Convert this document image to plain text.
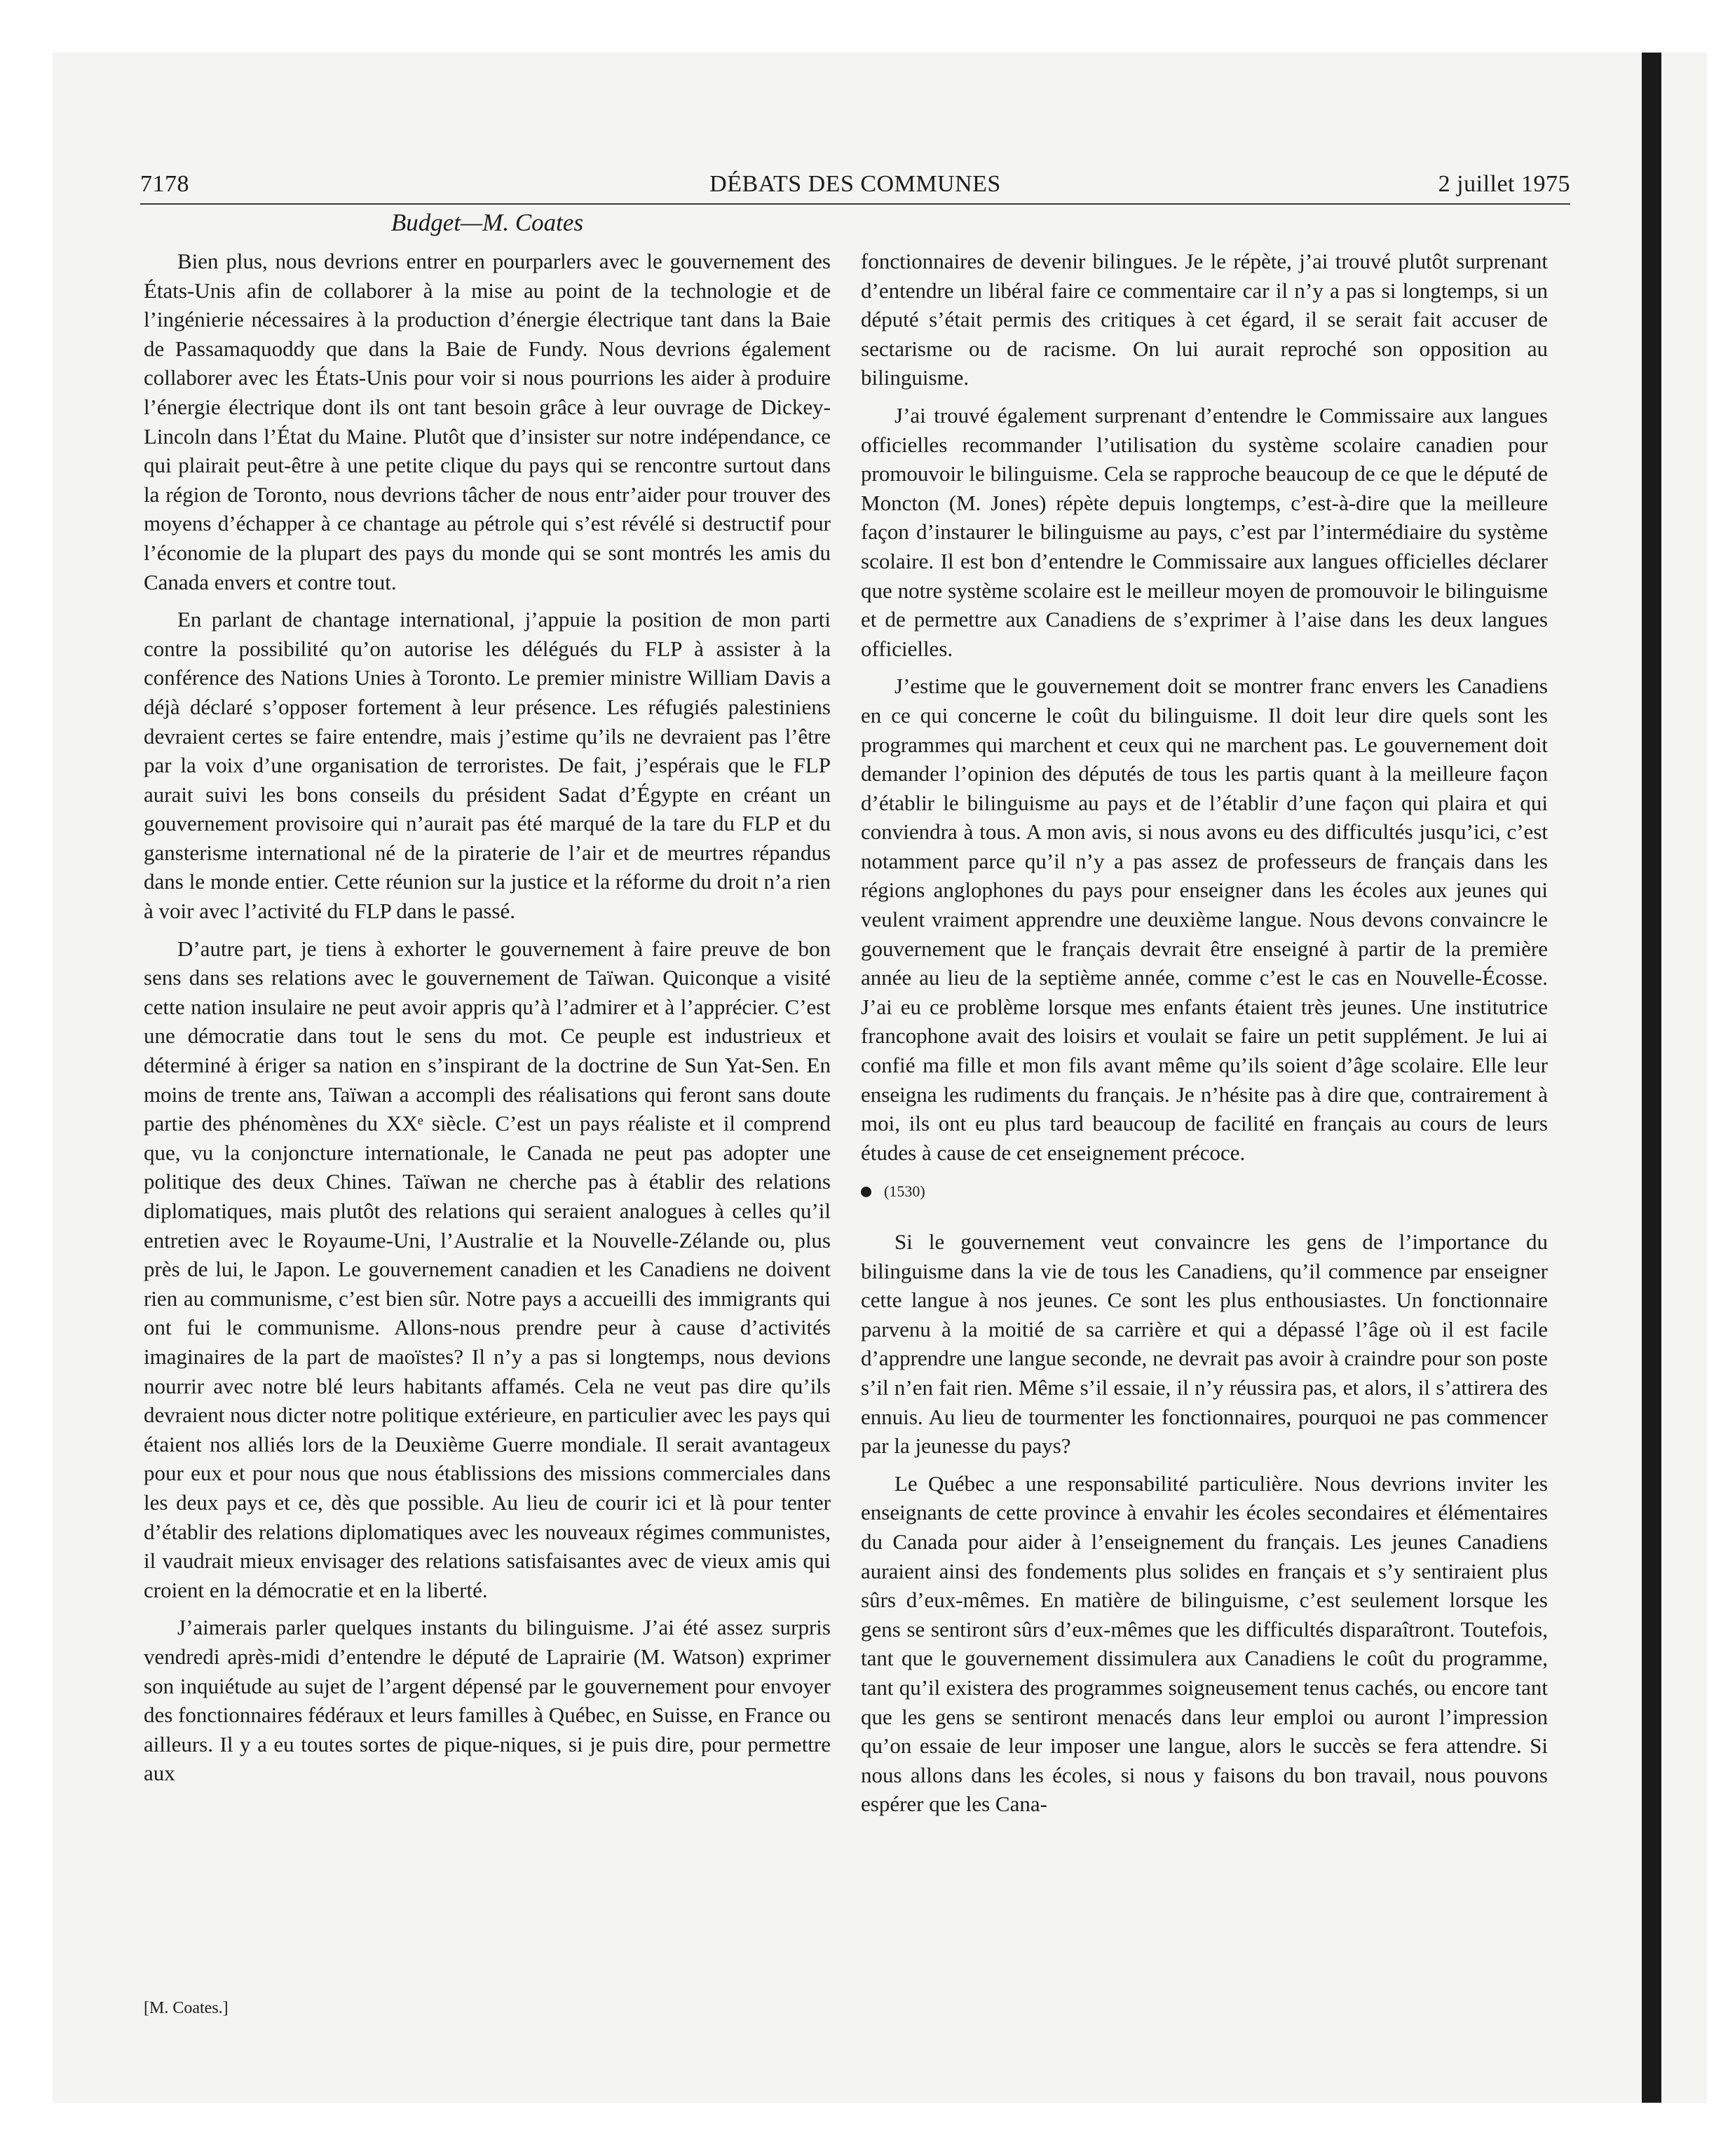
7178	DÉBATS DES COMMUNES	2 juillet 1975
Budget—M. Coates

Bien plus, nous devrions entrer en pourparlers avec le gouvernement des États-Unis afin de collaborer à la mise au point de la technologie et de l’ingénierie nécessaires à la production d’énergie électrique tant dans la Baie de Passamaquoddy que dans la Baie de Fundy. Nous devrions également collaborer avec les États-Unis pour voir si nous pourrions les aider à produire l’énergie électrique dont ils ont tant besoin grâce à leur ouvrage de Dickey-Lincoln dans l’État du Maine. Plutôt que d’insister sur notre indépendance, ce qui plairait peut-être à une petite clique du pays qui se rencontre surtout dans la région de Toronto, nous devrions tâcher de nous entr’aider pour trouver des moyens d’échapper à ce chantage au pétrole qui s’est révélé si destructif pour l’économie de la plupart des pays du monde qui se sont montrés les amis du Canada envers et contre tout.

En parlant de chantage international, j’appuie la position de mon parti contre la possibilité qu’on autorise les délégués du FLP à assister à la conférence des Nations Unies à Toronto. Le premier ministre William Davis a déjà déclaré s’opposer fortement à leur présence. Les réfugiés palestiniens devraient certes se faire entendre, mais j’estime qu’ils ne devraient pas l’être par la voix d’une organisation de terroristes. De fait, j’espérais que le FLP aurait suivi les bons conseils du président Sadat d’Égypte en créant un gouvernement provisoire qui n’aurait pas été marqué de la tare du FLP et du gansterisme international né de la piraterie de l’air et de meurtres répandus dans le monde entier. Cette réunion sur la justice et la réforme du droit n’a rien à voir avec l’activité du FLP dans le passé.

D’autre part, je tiens à exhorter le gouvernement à faire preuve de bon sens dans ses relations avec le gouvernement de Taïwan. Quiconque a visité cette nation insulaire ne peut avoir appris qu’à l’admirer et à l’apprécier. C’est une démocratie dans tout le sens du mot. Ce peuple est industrieux et déterminé à ériger sa nation en s’inspirant de la doctrine de Sun Yat-Sen. En moins de trente ans, Taïwan a accompli des réalisations qui feront sans doute partie des phénomènes du XXᵉ siècle. C’est un pays réaliste et il comprend que, vu la conjoncture internationale, le Canada ne peut pas adopter une politique des deux Chines. Taïwan ne cherche pas à établir des relations diplomatiques, mais plutôt des relations qui seraient analogues à celles qu’il entretien avec le Royaume-Uni, l’Australie et la Nouvelle-Zélande ou, plus près de lui, le Japon. Le gouvernement canadien et les Canadiens ne doivent rien au communisme, c’est bien sûr. Notre pays a accueilli des immigrants qui ont fui le communisme. Allons-nous prendre peur à cause d’activités imaginaires de la part de maoïstes? Il n’y a pas si longtemps, nous devions nourrir avec notre blé leurs habitants affamés. Cela ne veut pas dire qu’ils devraient nous dicter notre politique extérieure, en particulier avec les pays qui étaient nos alliés lors de la Deuxième Guerre mondiale. Il serait avantageux pour eux et pour nous que nous établissions des missions commerciales dans les deux pays et ce, dès que possible. Au lieu de courir ici et là pour tenter d’établir des relations diplomatiques avec les nouveaux régimes communistes, il vaudrait mieux envisager des relations satisfaisantes avec de vieux amis qui croient en la démocratie et en la liberté.

J’aimerais parler quelques instants du bilinguisme. J’ai été assez surpris vendredi après-midi d’entendre le député de Laprairie (M. Watson) exprimer son inquiétude au sujet de l’argent dépensé par le gouvernement pour envoyer des fonctionnaires fédéraux et leurs familles à Québec, en Suisse, en France ou ailleurs. Il y a eu toutes sortes de pique-niques, si je puis dire, pour permettre aux

fonctionnaires de devenir bilingues. Je le répète, j’ai trouvé plutôt surprenant d’entendre un libéral faire ce commentaire car il n’y a pas si longtemps, si un député s’était permis des critiques à cet égard, il se serait fait accuser de sectarisme ou de racisme. On lui aurait reproché son opposition au bilinguisme.

J’ai trouvé également surprenant d’entendre le Commissaire aux langues officielles recommander l’utilisation du système scolaire canadien pour promouvoir le bilinguisme. Cela se rapproche beaucoup de ce que le député de Moncton (M. Jones) répète depuis longtemps, c’est-à-dire que la meilleure façon d’instaurer le bilinguisme au pays, c’est par l’intermédiaire du système scolaire. Il est bon d’entendre le Commissaire aux langues officielles déclarer que notre système scolaire est le meilleur moyen de promouvoir le bilinguisme et de permettre aux Canadiens de s’exprimer à l’aise dans les deux langues officielles.

J’estime que le gouvernement doit se montrer franc envers les Canadiens en ce qui concerne le coût du bilinguisme. Il doit leur dire quels sont les programmes qui marchent et ceux qui ne marchent pas. Le gouvernement doit demander l’opinion des députés de tous les partis quant à la meilleure façon d’établir le bilinguisme au pays et de l’établir d’une façon qui plaira et qui conviendra à tous. A mon avis, si nous avons eu des difficultés jusqu’ici, c’est notamment parce qu’il n’y a pas assez de professeurs de français dans les régions anglophones du pays pour enseigner dans les écoles aux jeunes qui veulent vraiment apprendre une deuxième langue. Nous devons convaincre le gouvernement que le français devrait être enseigné à partir de la première année au lieu de la septième année, comme c’est le cas en Nouvelle-Écosse. J’ai eu ce problème lorsque mes enfants étaient très jeunes. Une institutrice francophone avait des loisirs et voulait se faire un petit supplément. Je lui ai confié ma fille et mon fils avant même qu’ils soient d’âge scolaire. Elle leur enseigna les rudiments du français. Je n’hésite pas à dire que, contrairement à moi, ils ont eu plus tard beaucoup de facilité en français au cours de leurs études à cause de cet enseignement précoce.

(1530)

Si le gouvernement veut convaincre les gens de l’importance du bilinguisme dans la vie de tous les Canadiens, qu’il commence par enseigner cette langue à nos jeunes. Ce sont les plus enthousiastes. Un fonctionnaire parvenu à la moitié de sa carrière et qui a dépassé l’âge où il est facile d’apprendre une langue seconde, ne devrait pas avoir à craindre pour son poste s’il n’en fait rien. Même s’il essaie, il n’y réussira pas, et alors, il s’attirera des ennuis. Au lieu de tourmenter les fonctionnaires, pourquoi ne pas commencer par la jeunesse du pays?

Le Québec a une responsabilité particulière. Nous devrions inviter les enseignants de cette province à envahir les écoles secondaires et élémentaires du Canada pour aider à l’enseignement du français. Les jeunes Canadiens auraient ainsi des fondements plus solides en français et s’y sentiraient plus sûrs d’eux-mêmes. En matière de bilinguisme, c’est seulement lorsque les gens se sentiront sûrs d’eux-mêmes que les difficultés disparaîtront. Toutefois, tant que le gouvernement dissimulera aux Canadiens le coût du programme, tant qu’il existera des programmes soigneusement tenus cachés, ou encore tant que les gens se sentiront menacés dans leur emploi ou auront l’impression qu’on essaie de leur imposer une langue, alors le succès se fera attendre. Si nous allons dans les écoles, si nous y faisons du bon travail, nous pouvons espérer que les Cana-

[M. Coates.]
